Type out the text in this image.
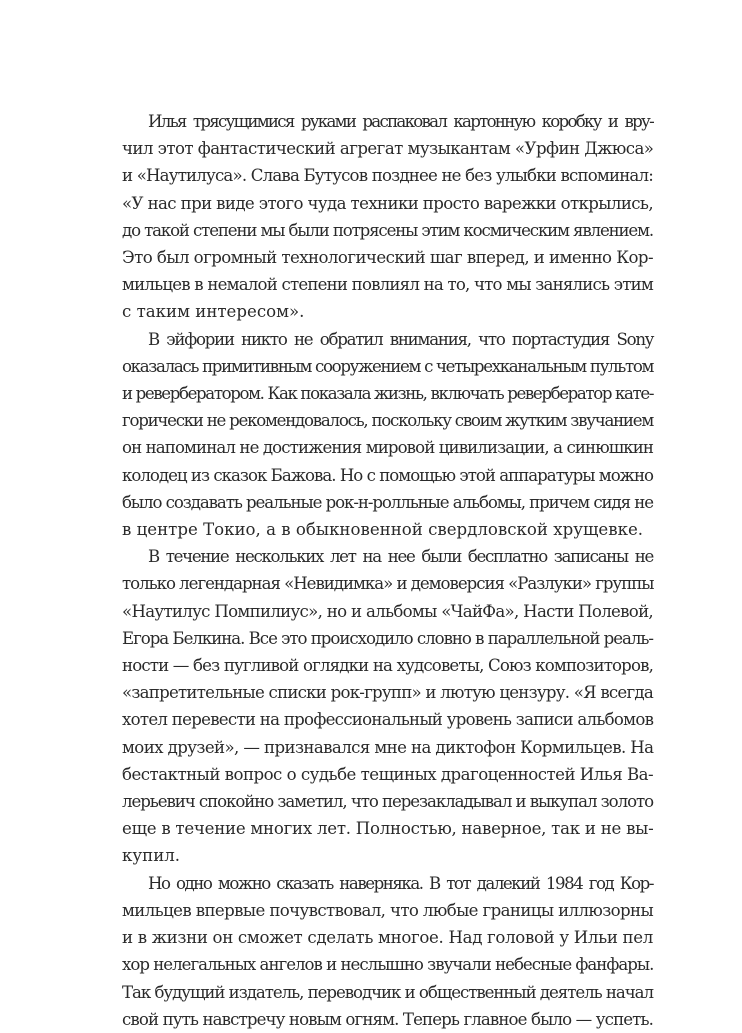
Илья трясущимися руками распаковал картонную коробку и вру-
чил этот фантастический агрегат музыкантам «Урфин Джюса»
и «Наутилуса». Слава Бутусов позднее не без улыбки вспоминал:
«У нас при виде этого чуда техники просто варежки открылись,
до такой степени мы были потрясены этим космическим явлением.
Это был огромный технологический шаг вперед, и именно Кор-
мильцев в немалой степени повлиял на то, что мы занялись этим
с таким интересом».
В эйфории никто не обратил внимания, что портастудия Sony
оказалась примитивным сооружением с четырехканальным пультом
и ревербератором. Как показала жизнь, включать ревербератор кате-
горически не рекомендовалось, поскольку своим жутким звучанием
он напоминал не достижения мировой цивилизации, а синюшкин
колодец из сказок Бажова. Но с помощью этой аппаратуры можно
было создавать реальные рок-н-ролльные альбомы, причем сидя не
в центре Токио, а в обыкновенной свердловской хрущевке.
В течение нескольких лет на нее были бесплатно записаны не
только легендарная «Невидимка» и демоверсия «Разлуки» группы
«Наутилус Помпилиус», но и альбомы «ЧайФа», Насти Полевой,
Егора Белкина. Все это происходило словно в параллельной реаль-
ности — без пугливой оглядки на худсоветы, Союз композиторов,
«запретительные списки рок-групп» и лютую цензуру. «Я всегда
хотел перевести на профессиональный уровень записи альбомов
моих друзей», — признавался мне на диктофон Кормильцев. На
бестактный вопрос о судьбе тещиных драгоценностей Илья Ва-
лерьевич спокойно заметил, что перезакладывал и выкупал золото
еще в течение многих лет. Полностью, наверное, так и не вы-
купил.
Но одно можно сказать наверняка. В тот далекий 1984 год Кор-
мильцев впервые почувствовал, что любые границы иллюзорны
и в жизни он сможет сделать многое. Над головой у Ильи пел
хор нелегальных ангелов и неслышно звучали небесные фанфары.
Так будущий издатель, переводчик и общественный деятель начал
свой путь навстречу новым огням. Теперь главное было — успеть.
